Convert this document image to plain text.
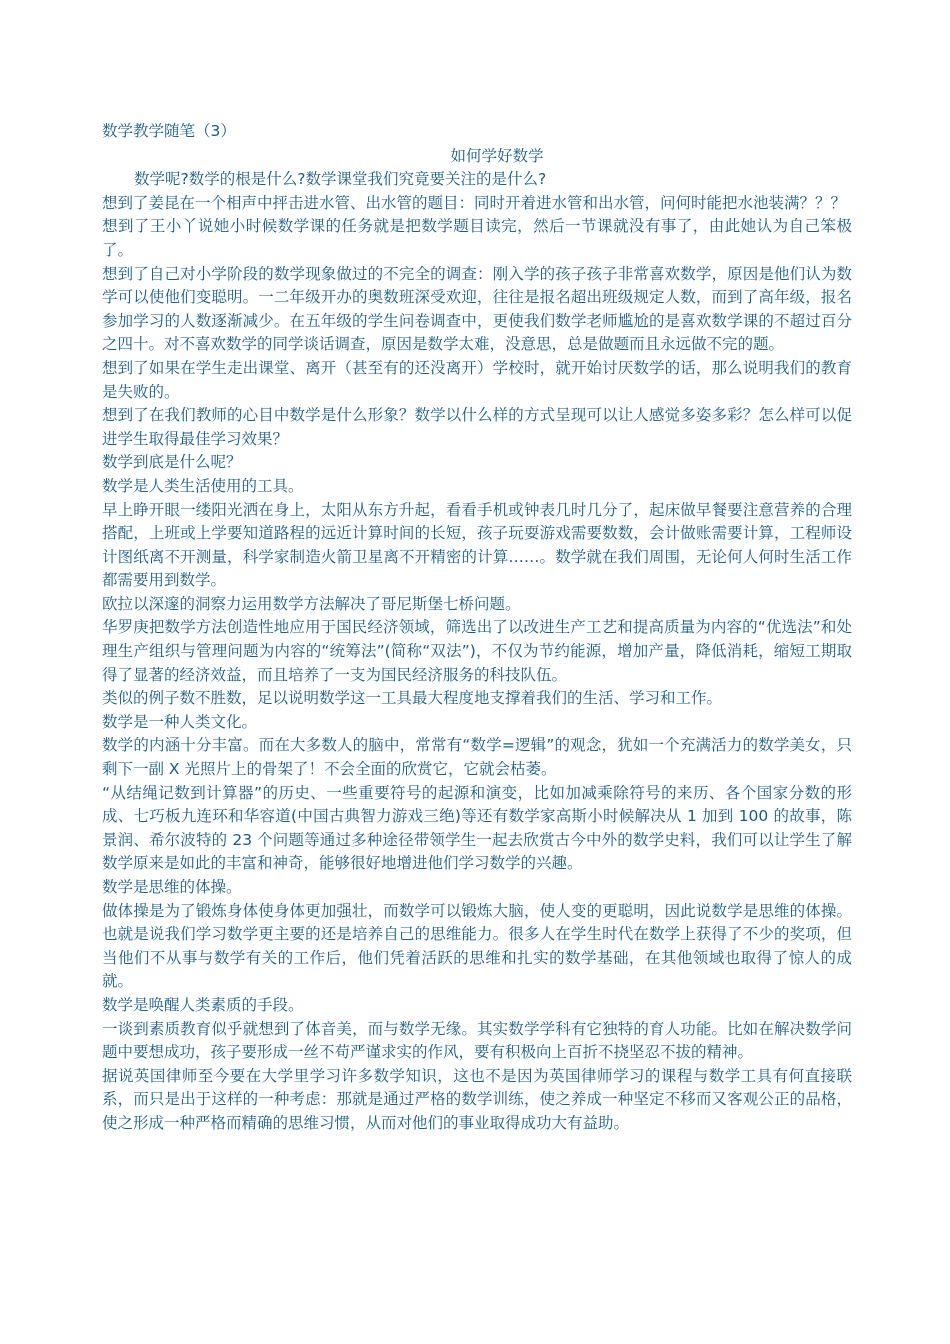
数学教学随笔（3）

如何学好数学

数学呢?数学的根是什么?数学课堂我们究竟要关注的是什么?

想到了姜昆在一个相声中抨击进水管、出水管的题目：同时开着进水管和出水管，问何时能把水池装满？？？

想到了王小丫说她小时候数学课的任务就是把数学题目读完，然后一节课就没有事了，由此她认为自己笨极了。

想到了自己对小学阶段的数学现象做过的不完全的调查：刚入学的孩子孩子非常喜欢数学，原因是他们认为数学可以使他们变聪明。一二年级开办的奥数班深受欢迎，往往是报名超出班级规定人数，而到了高年级，报名参加学习的人数逐渐减少。在五年级的学生问卷调查中，更使我们数学老师尴尬的是喜欢数学课的不超过百分之四十。对不喜欢数学的同学谈话调查，原因是数学太难，没意思，总是做题而且永远做不完的题。

想到了如果在学生走出课堂、离开（甚至有的还没离开）学校时，就开始讨厌数学的话，那么说明我们的教育是失败的。

想到了在我们教师的心目中数学是什么形象？数学以什么样的方式呈现可以让人感觉多姿多彩？怎么样可以促进学生取得最佳学习效果？

数学到底是什么呢？

数学是人类生活使用的工具。

早上睁开眼一缕阳光洒在身上，太阳从东方升起，看看手机或钟表几时几分了，起床做早餐要注意营养的合理搭配，上班或上学要知道路程的远近计算时间的长短，孩子玩耍游戏需要数数，会计做账需要计算，工程师设计图纸离不开测量，科学家制造火箭卫星离不开精密的计算……。数学就在我们周围，无论何人何时生活工作都需要用到数学。

欧拉以深邃的洞察力运用数学方法解决了哥尼斯堡七桥问题。

华罗庚把数学方法创造性地应用于国民经济领域，筛选出了以改进生产工艺和提高质量为内容的“优选法”和处理生产组织与管理问题为内容的“统筹法”(简称“双法”)，不仅为节约能源，增加产量，降低消耗，缩短工期取得了显著的经济效益，而且培养了一支为国民经济服务的科技队伍。

类似的例子数不胜数，足以说明数学这一工具最大程度地支撑着我们的生活、学习和工作。

数学是一种人类文化。

数学的内涵十分丰富。而在大多数人的脑中，常常有“数学=逻辑”的观念，犹如一个充满活力的数学美女，只剩下一副 X 光照片上的骨架了！不会全面的欣赏它，它就会枯萎。

“从结绳记数到计算器”的历史、一些重要符号的起源和演变，比如加减乘除符号的来历、各个国家分数的形成、七巧板九连环和华容道(中国古典智力游戏三绝)等还有数学家高斯小时候解决从 1 加到 100 的故事，陈景润、希尔波特的 23 个问题等通过多种途径带领学生一起去欣赏古今中外的数学史料，我们可以让学生了解数学原来是如此的丰富和神奇，能够很好地增进他们学习数学的兴趣。

数学是思维的体操。

做体操是为了锻炼身体使身体更加强壮，而数学可以锻炼大脑，使人变的更聪明，因此说数学是思维的体操。也就是说我们学习数学更主要的还是培养自己的思维能力。很多人在学生时代在数学上获得了不少的奖项，但当他们不从事与数学有关的工作后，他们凭着活跃的思维和扎实的数学基础，在其他领域也取得了惊人的成就。

数学是唤醒人类素质的手段。

一谈到素质教育似乎就想到了体音美，而与数学无缘。其实数学学科有它独特的育人功能。比如在解决数学问题中要想成功，孩子要形成一丝不苟严谨求实的作风，要有积极向上百折不挠坚忍不拔的精神。

据说英国律师至今要在大学里学习许多数学知识，这也不是因为英国律师学习的课程与数学工具有何直接联系，而只是出于这样的一种考虑：那就是通过严格的数学训练，使之养成一种坚定不移而又客观公正的品格，使之形成一种严格而精确的思维习惯，从而对他们的事业取得成功大有益助。
